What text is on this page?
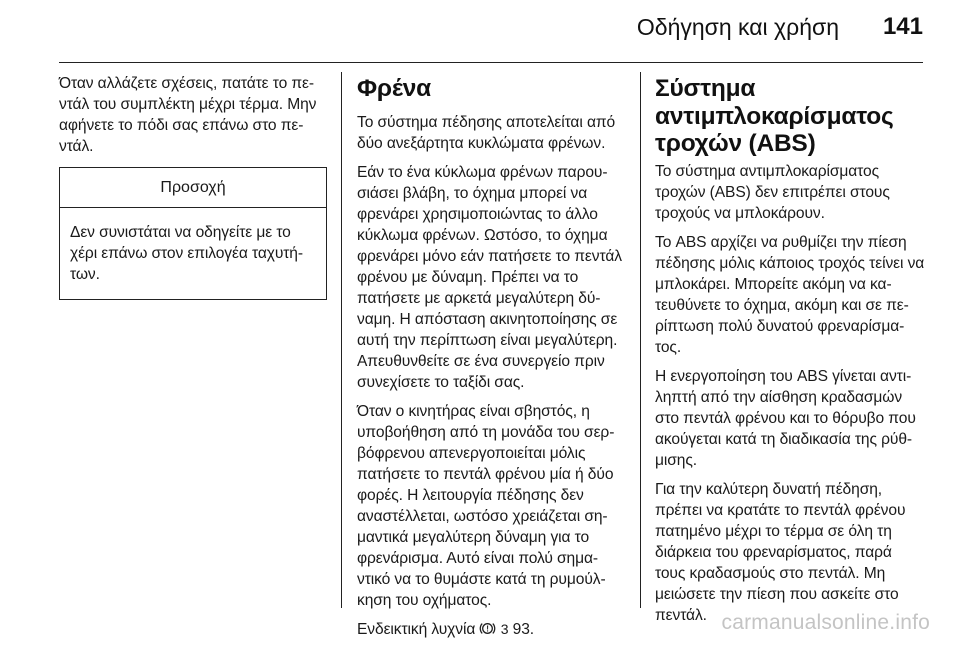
Οδήγηση και χρήση 141

Όταν αλλάζετε σχέσεις, πατάτε το πεντάλ του συμπλέκτη μέχρι τέρμα. Μην αφήνετε το πόδι σας επάνω στο πεντάλ.

Προσοχή

Δεν συνιστάται να οδηγείτε με το χέρι επάνω στον επιλογέα ταχυτήτων.

Φρένα

Το σύστημα πέδησης αποτελείται από δύο ανεξάρτητα κυκλώματα φρένων.

Εάν το ένα κύκλωμα φρένων παρουσιάσει βλάβη, το όχημα μπορεί να φρενάρει χρησιμοποιώντας το άλλο κύκλωμα φρένων. Ωστόσο, το όχημα φρενάρει μόνο εάν πατήσετε το πεντάλ φρένου με δύναμη. Πρέπει να το πατήσετε με αρκετά μεγαλύτερη δύναμη. Η απόσταση ακινητοποίησης σε αυτή την περίπτωση είναι μεγαλύτερη. Απευθυνθείτε σε ένα συνεργείο πριν συνεχίσετε το ταξίδι σας.

Όταν ο κινητήρας είναι σβηστός, η υποβοήθηση από τη μονάδα του σερβόφρενου απενεργοποιείται μόλις πατήσετε το πεντάλ φρένου μία ή δύο φορές. Η λειτουργία πέδησης δεν αναστέλλεται, ωστόσο χρειάζεται σημαντικά μεγαλύτερη δύναμη για το φρενάρισμα. Αυτό είναι πολύ σημαντικό να το θυμάστε κατά τη ρυμούλκηση του οχήματος.

Ενδεικτική λυχνία ! 3 93.

Σύστημα αντιμπλοκαρίσματος τροχών (ABS)

Το σύστημα αντιμπλοκαρίσματος τροχών (ABS) δεν επιτρέπει στους τροχούς να μπλοκάρουν.

Το ABS αρχίζει να ρυθμίζει την πίεση πέδησης μόλις κάποιος τροχός τείνει να μπλοκάρει. Μπορείτε ακόμη να κατευθύνετε το όχημα, ακόμη και σε περίπτωση πολύ δυνατού φρεναρίσματος.

Η ενεργοποίηση του ABS γίνεται αντιληπτή από την αίσθηση κραδασμών στο πεντάλ φρένου και το θόρυβο που ακούγεται κατά τη διαδικασία της ρύθμισης.

Για την καλύτερη δυνατή πέδηση, πρέπει να κρατάτε το πεντάλ φρένου πατημένο μέχρι το τέρμα σε όλη τη διάρκεια του φρεναρίσματος, παρά τους κραδασμούς στο πεντάλ. Μη μειώσετε την πίεση που ασκείτε στο πεντάλ. carmanualsonline.info
